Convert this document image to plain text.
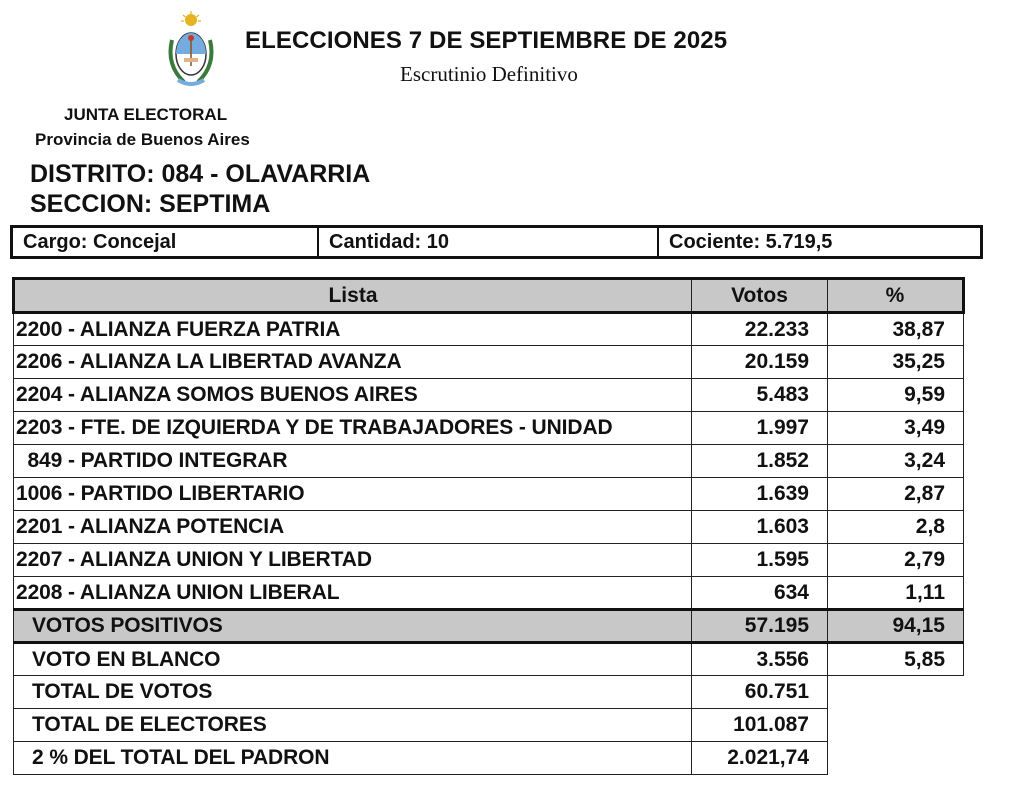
ELECCIONES 7 DE SEPTIEMBRE DE 2025
Escrutinio Definitivo
JUNTA ELECTORAL
Provincia de Buenos Aires
DISTRITO: 084 - OLAVARRIA
SECCION: SEPTIMA
Cargo: Concejal	Cantidad: 10	Cociente: 5.719,5
Lista	Votos	%
2200 - ALIANZA FUERZA PATRIA	22.233	38,87
2206 - ALIANZA LA LIBERTAD AVANZA	20.159	35,25
2204 - ALIANZA SOMOS BUENOS AIRES	5.483	9,59
2203 - FTE. DE IZQUIERDA Y DE TRABAJADORES - UNIDAD	1.997	3,49
849 - PARTIDO INTEGRAR	1.852	3,24
1006 - PARTIDO LIBERTARIO	1.639	2,87
2201 - ALIANZA POTENCIA	1.603	2,8
2207 - ALIANZA UNION Y LIBERTAD	1.595	2,79
2208 - ALIANZA UNION LIBERAL	634	1,11
VOTOS POSITIVOS	57.195	94,15
VOTO EN BLANCO	3.556	5,85
TOTAL DE VOTOS	60.751	
TOTAL DE ELECTORES	101.087	
2 % DEL TOTAL DEL PADRON	2.021,74	
